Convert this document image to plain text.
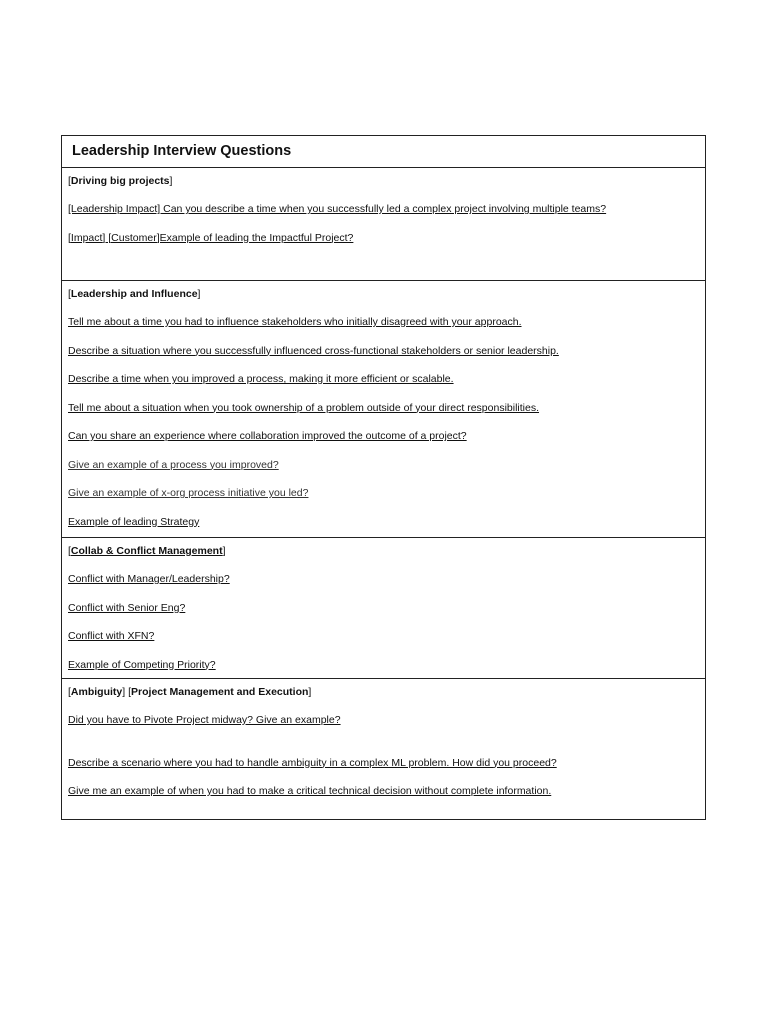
Leadership Interview Questions
[Driving big projects]
[Leadership Impact] Can you describe a time when you successfully led a complex project involving multiple teams?
[Impact] [Customer]Example of leading the Impactful Project?
[Leadership and Influence]
Tell me about a time you had to influence stakeholders who initially disagreed with your approach.
Describe a situation where you successfully influenced cross-functional stakeholders or senior leadership.
Describe a time when you improved a process, making it more efficient or scalable.
Tell me about a situation when you took ownership of a problem outside of your direct responsibilities.
Can you share an experience where collaboration improved the outcome of a project?
Give an example of a process you improved?
Give an example of x-org process initiative you led?
Example of leading Strategy
[Collab & Conflict Management]
Conflict with Manager/Leadership?
Conflict with Senior Eng?
Conflict with XFN?
Example of Competing Priority?
[Ambiguity] [Project Management and Execution]
Did you have to Pivote Project midway? Give an example?
Describe a scenario where you had to handle ambiguity in a complex ML problem. How did you proceed?
Give me an example of when you had to make a critical technical decision without complete information.
